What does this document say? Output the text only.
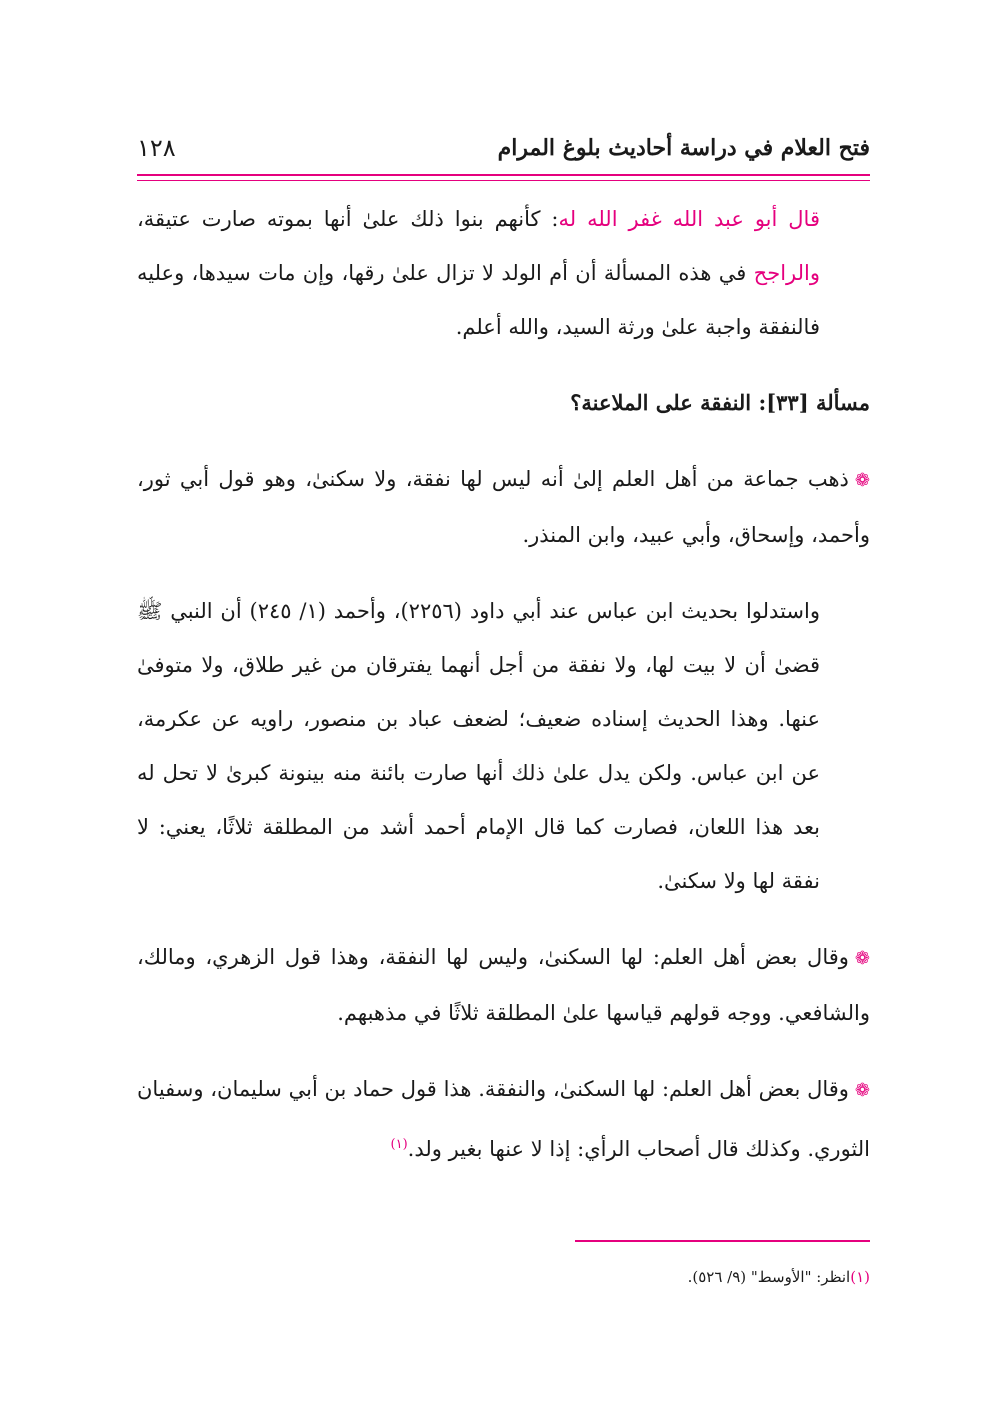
١٢٨	فتح العلام في دراسة أحاديث بلوغ المرام

قال أبو عبد الله غفر الله له: كأنهم بنوا ذلك علىٰ أنها بموته صارت عتيقة، والراجح في هذه المسألة أن أم الولد لا تزال علىٰ رقها، وإن مات سيدها، وعليه فالنفقة واجبة علىٰ ورثة السيد، والله أعلم.

مسألة [٣٣]: النفقة على الملاعنة؟

❁ذهب جماعة من أهل العلم إلىٰ أنه ليس لها نفقة، ولا سكنىٰ، وهو قول أبي ثور، وأحمد، وإسحاق، وأبي عبيد، وابن المنذر.

واستدلوا بحديث ابن عباس عند أبي داود (٢٢٥٦)، وأحمد (١/ ٢٤٥) أن النبي ﷺ قضىٰ أن لا بيت لها، ولا نفقة من أجل أنهما يفترقان من غير طلاق، ولا متوفىٰ عنها. وهذا الحديث إسناده ضعيف؛ لضعف عباد بن منصور، راويه عن عكرمة، عن ابن عباس. ولكن يدل علىٰ ذلك أنها صارت بائنة منه بينونة كبرىٰ لا تحل له بعد هذا اللعان، فصارت كما قال الإمام أحمد أشد من المطلقة ثلاثًا، يعني: لا نفقة لها ولا سكنىٰ.

❁وقال بعض أهل العلم: لها السكنىٰ، وليس لها النفقة، وهذا قول الزهري، ومالك، والشافعي. ووجه قولهم قياسها علىٰ المطلقة ثلاثًا في مذهبهم.

❁وقال بعض أهل العلم: لها السكنىٰ، والنفقة. هذا قول حماد بن أبي سليمان، وسفيان الثوري. وكذلك قال أصحاب الرأي: إذا لا عنها بغير ولد.$^{(١)}$

(١)انظر: "الأوسط" (٩/ ٥٢٦).
